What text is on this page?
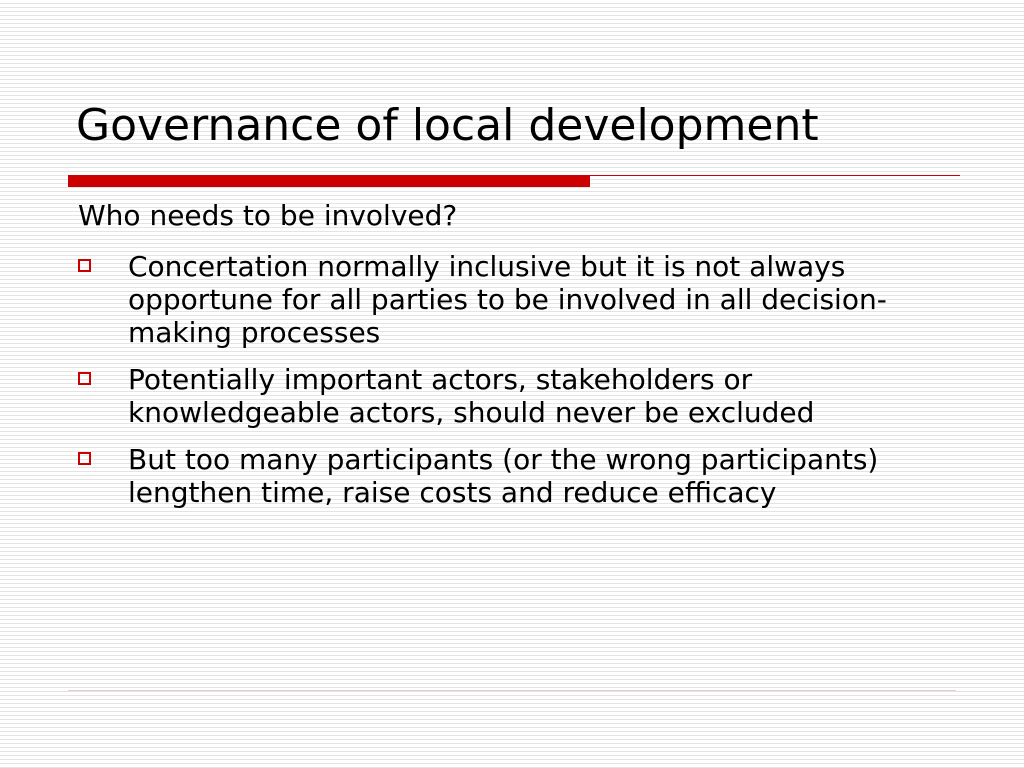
Governance of local development
Who needs to be involved?
Concertation normally inclusive but it is not always opportune for all parties to be involved in all decision-making processes
Potentially important actors, stakeholders or knowledgeable actors, should never be excluded
But too many participants (or the wrong participants) lengthen time, raise costs and reduce efficacy
